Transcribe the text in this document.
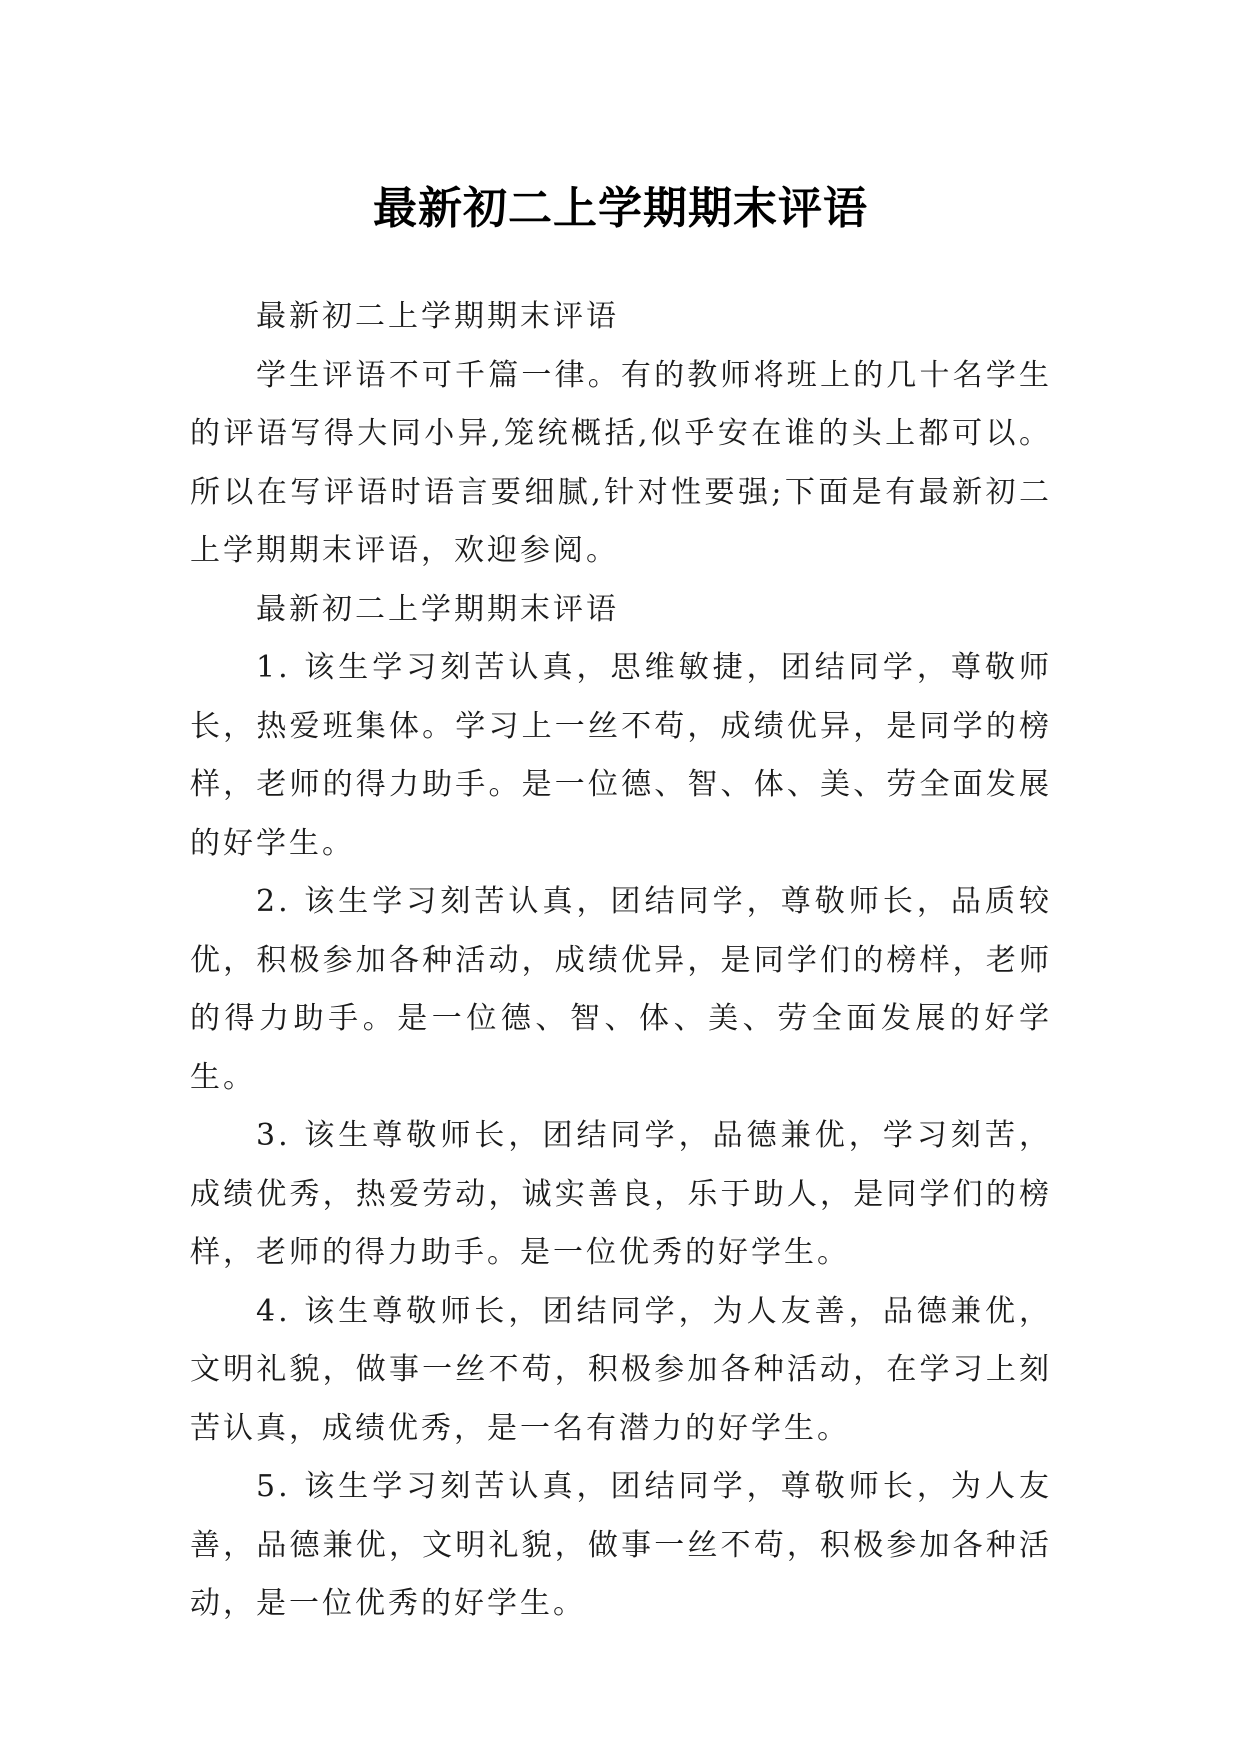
最新初二上学期期末评语

最新初二上学期期末评语

学生评语不可千篇一律。有的教师将班上的几十名学生的评语写得大同小异,笼统概括,似乎安在谁的头上都可以。所以在写评语时语言要细腻,针对性要强;下面是有最新初二上学期期末评语，欢迎参阅。

最新初二上学期期末评语

1. 该生学习刻苦认真，思维敏捷，团结同学，尊敬师长，热爱班集体。学习上一丝不苟，成绩优异，是同学的榜样，老师的得力助手。是一位德、智、体、美、劳全面发展的好学生。

2. 该生学习刻苦认真，团结同学，尊敬师长，品质较优，积极参加各种活动，成绩优异，是同学们的榜样，老师的得力助手。是一位德、智、体、美、劳全面发展的好学生。

3. 该生尊敬师长，团结同学，品德兼优，学习刻苦，成绩优秀，热爱劳动，诚实善良，乐于助人，是同学们的榜样，老师的得力助手。是一位优秀的好学生。

4. 该生尊敬师长，团结同学，为人友善，品德兼优，文明礼貌，做事一丝不苟，积极参加各种活动，在学习上刻苦认真，成绩优秀，是一名有潜力的好学生。

5. 该生学习刻苦认真，团结同学，尊敬师长，为人友善，品德兼优，文明礼貌，做事一丝不苟，积极参加各种活动，是一位优秀的好学生。
